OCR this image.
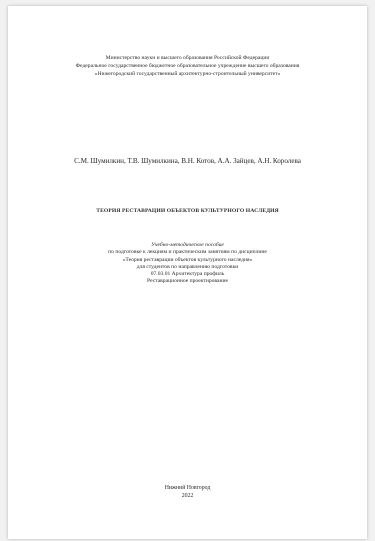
Министерство науки и высшего образования Российской Федерации
Федеральное государственное бюджетное образовательное учреждение высшего образования
«Нижегородский государственный архитектурно-строительный университет»
С.М. Шумилкин, Т.В. Шумилкина, В.Н. Котов, А.А. Зайцев, А.Н. Королева
ТЕОРИЯ РЕСТАВРАЦИИ ОБЪЕКТОВ КУЛЬТУРНОГО НАСЛЕДИЯ
Учебно-методическое пособие
по подготовке к лекциям и практическим занятиям по дисциплине
«Теория реставрации объектов культурного наследия»
для студентов по направлению подготовки
07.03.01 Архитектура профиль
Реставрационное проектирование
Нижний Новгород
2022
